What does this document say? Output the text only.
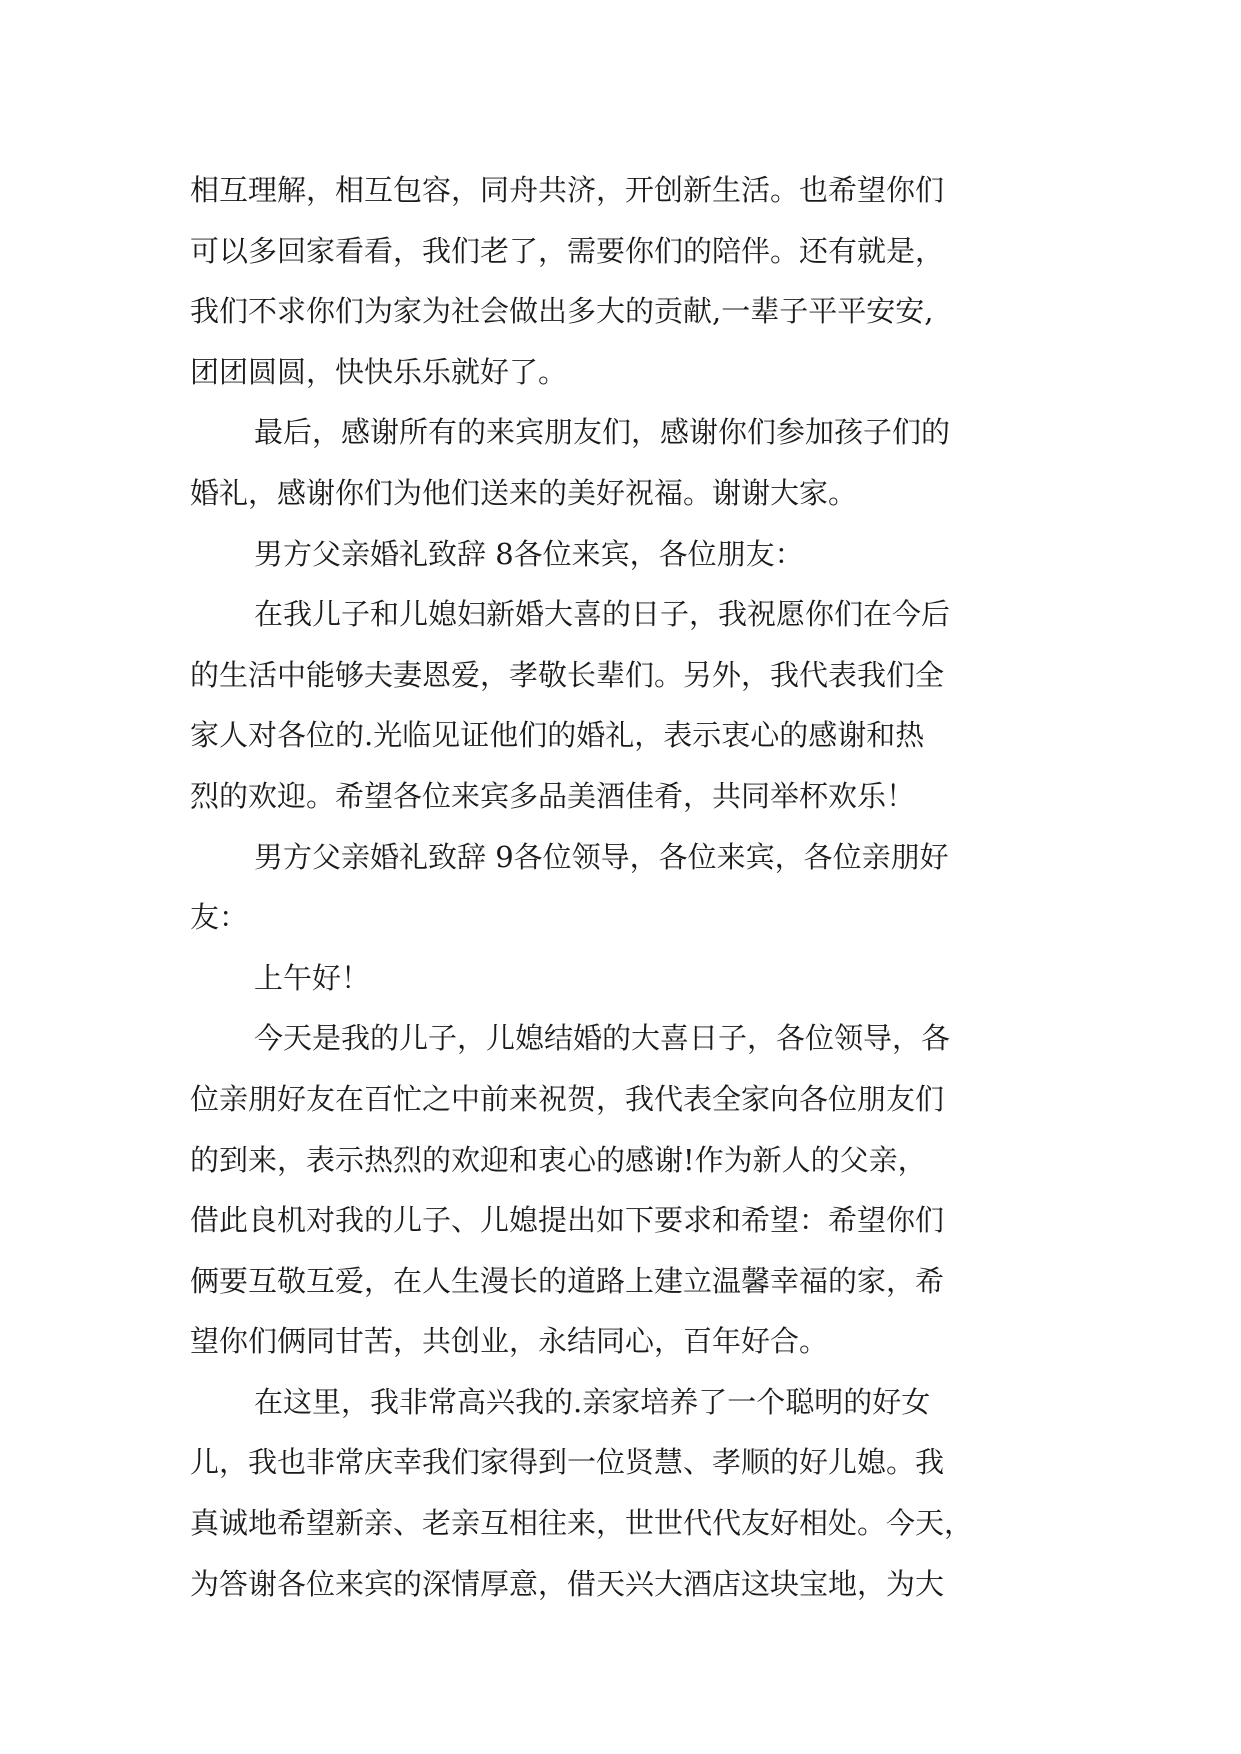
相互理解，相互包容，同舟共济，开创新生活。也希望你们
可以多回家看看，我们老了，需要你们的陪伴。还有就是，
我们不求你们为家为社会做出多大的贡献,一辈子平平安安,
团团圆圆，快快乐乐就好了。
最后，感谢所有的来宾朋友们，感谢你们参加孩子们的
婚礼，感谢你们为他们送来的美好祝福。谢谢大家。
男方父亲婚礼致辞 8各位来宾，各位朋友：
在我儿子和儿媳妇新婚大喜的日子，我祝愿你们在今后
的生活中能够夫妻恩爱，孝敬长辈们。另外，我代表我们全
家人对各位的.光临见证他们的婚礼，表示衷心的感谢和热
烈的欢迎。希望各位来宾多品美酒佳肴，共同举杯欢乐！
男方父亲婚礼致辞 9各位领导，各位来宾，各位亲朋好
友：
上午好！
今天是我的儿子，儿媳结婚的大喜日子，各位领导，各
位亲朋好友在百忙之中前来祝贺，我代表全家向各位朋友们
的到来，表示热烈的欢迎和衷心的感谢!作为新人的父亲，
借此良机对我的儿子、儿媳提出如下要求和希望：希望你们
俩要互敬互爱，在人生漫长的道路上建立温馨幸福的家，希
望你们俩同甘苦，共创业，永结同心，百年好合。
在这里，我非常高兴我的.亲家培养了一个聪明的好女
儿，我也非常庆幸我们家得到一位贤慧、孝顺的好儿媳。我
真诚地希望新亲、老亲互相往来，世世代代友好相处。今天，
为答谢各位来宾的深情厚意，借天兴大酒店这块宝地，为大
